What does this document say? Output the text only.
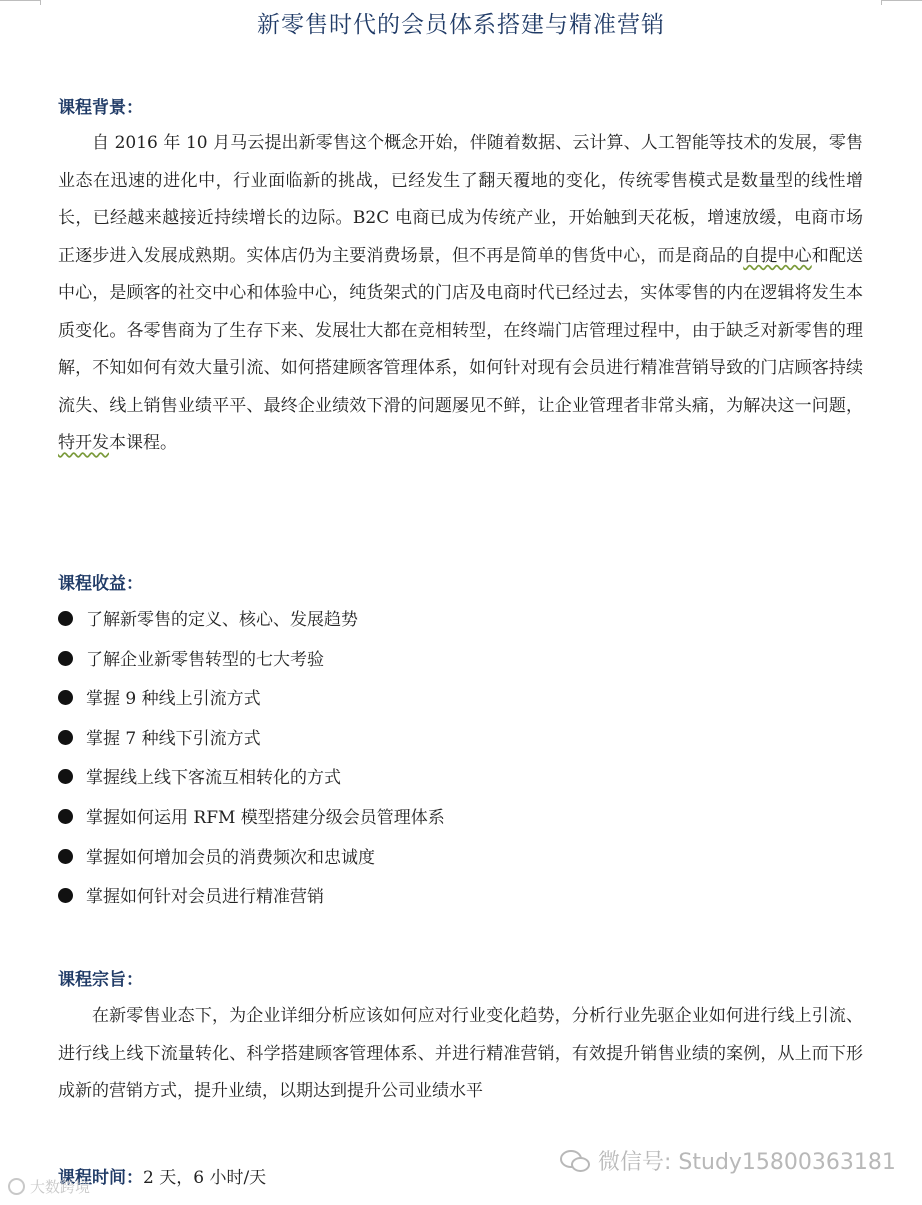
新零售时代的会员体系搭建与精准营销
课程背景：

自 2016 年 10 月马云提出新零售这个概念开始，伴随着数据、云计算、人工智能等技术的发展，零售业态在迅速的进化中，行业面临新的挑战，已经发生了翻天覆地的变化，传统零售模式是数量型的线性增长，已经越来越接近持续增长的边际。B2C 电商已成为传统产业，开始触到天花板，增速放缓，电商市场正逐步进入发展成熟期。实体店仍为主要消费场景，但不再是简单的售货中心，而是商品的自提中心和配送中心，是顾客的社交中心和体验中心，纯货架式的门店及电商时代已经过去，实体零售的内在逻辑将发生本质变化。各零售商为了生存下来、发展壮大都在竞相转型，在终端门店管理过程中，由于缺乏对新零售的理解，不知如何有效大量引流、如何搭建顾客管理体系，如何针对现有会员进行精准营销导致的门店顾客持续流失、线上销售业绩平平、最终企业绩效下滑的问题屡见不鲜，让企业管理者非常头痛，为解决这一问题，特开发本课程。

课程收益：
了解新零售的定义、核心、发展趋势
了解企业新零售转型的七大考验
掌握 9 种线上引流方式
掌握 7 种线下引流方式
掌握线上线下客流互相转化的方式
掌握如何运用 RFM 模型搭建分级会员管理体系
掌握如何增加会员的消费频次和忠诚度
掌握如何针对会员进行精准营销
课程宗旨：

在新零售业态下，为企业详细分析应该如何应对行业变化趋势，分析行业先驱企业如何进行线上引流、进行线上线下流量转化、科学搭建顾客管理体系、并进行精准营销，有效提升销售业绩的案例，从上而下形成新的营销方式，提升业绩，以期达到提升公司业绩水平

课程时间：2 天，6 小时/天
微信号: Study15800363181
大数跨境
